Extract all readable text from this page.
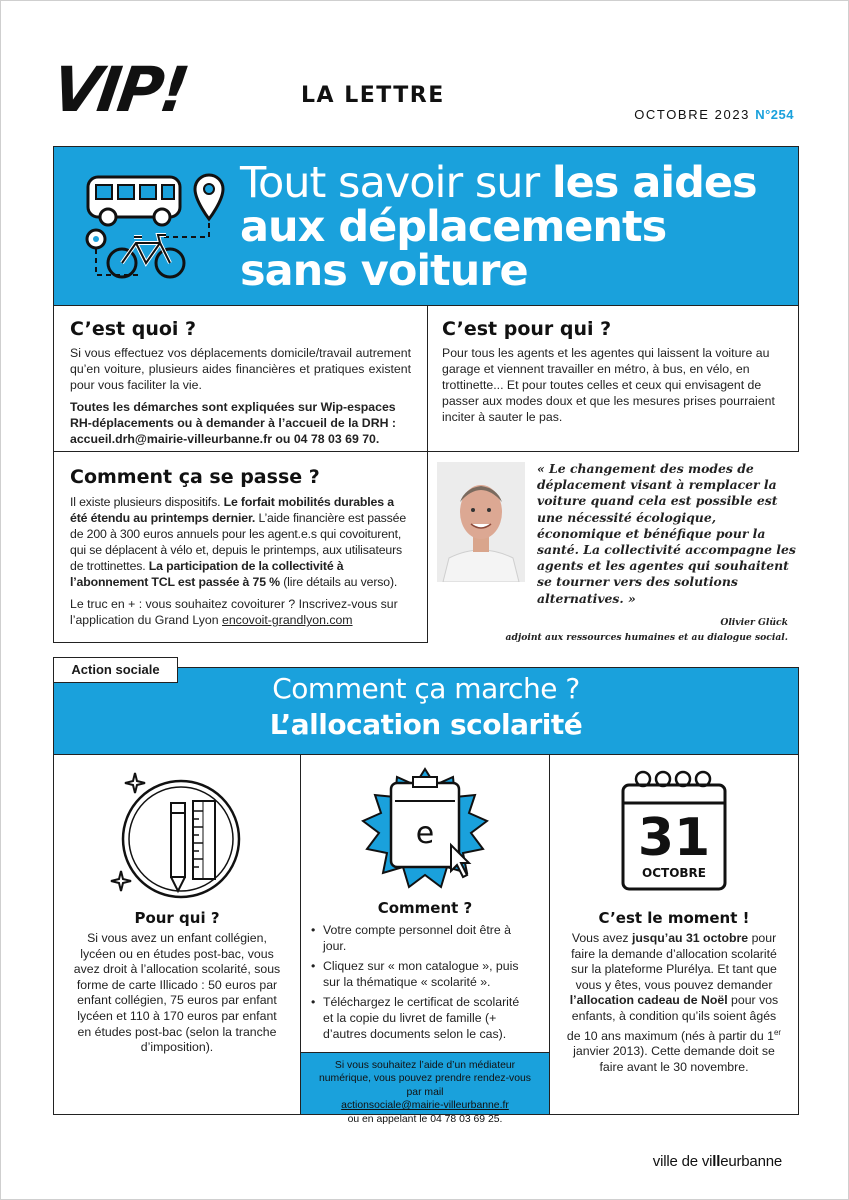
VIP!	LA LETTRE
OCTOBRE 2023 N°254
Tout savoir sur les aides
aux déplacements
sans voiture
C’est quoi ?

Si vous effectuez vos déplacements domicile/travail autrement qu’en voiture, plusieurs aides financières et pratiques existent pour vous faciliter la vie.

Toutes les démarches sont expliquées sur Wip-espaces RH-déplacements ou à demander à l’accueil de la DRH : accueil.drh@mairie-villeurbanne.fr ou 04 78 03 69 70.

C’est pour qui ?

Pour tous les agents et les agentes qui laissent la voiture au garage et viennent travailler en métro, à bus, en vélo, en trottinette... Et pour toutes celles et ceux qui envisagent de passer aux modes doux et que les mesures prises pourraient inciter à sauter le pas.

Comment ça se passe ?

Il existe plusieurs dispositifs. Le forfait mobilités durables a été étendu au printemps dernier. L’aide financière est passée de 200 à 300 euros annuels pour les agent.e.s qui covoiturent, qui se déplacent à vélo et, depuis le printemps, aux utilisateurs de trottinettes. La participation de la collectivité à l’abonnement TCL est passée à 75 % (lire détails au verso).

Le truc en + : vous souhaitez covoiturer ? Inscrivez-vous sur l’application du Grand Lyon encovoit-grandlyon.com

« Le changement des modes de déplacement visant à remplacer la voiture quand cela est possible est une nécessité écologique, économique et bénéfique pour la santé. La collectivité accompagne les agents et les agentes qui souhaitent se tourner vers des solutions alternatives. »
Olivier Glück
adjoint aux ressources humaines et au dialogue social.
Action sociale
Comment ça marche ?
L’allocation scolarité
Pour qui ?

Si vous avez un enfant collégien, lycéen ou en études post-bac, vous avez droit à l’allocation scolarité, sous forme de carte Illicado : 50 euros par enfant collégien, 75 euros par enfant lycéen et 110 à 170 euros par enfant en études post-bac (selon la tranche d’imposition).

e
Comment ?
• Votre compte personnel doit être à jour.
• Cliquez sur « mon catalogue », puis sur la thématique « scolarité ».
• Téléchargez le certificat de scolarité et la copie du livret de famille (+ d’autres documents selon le cas).
Si vous souhaitez l’aide d’un médiateur numérique, vous pouvez prendre rendez-vous par mail
actionsociale@mairie-villeurbanne.fr
ou en appelant le 04 78 03 69 25.
31
OCTOBRE
C’est le moment !

Vous avez jusqu’au 31 octobre pour faire la demande d’allocation scolarité sur la plateforme Plurélya. Et tant que vous y êtes, vous pouvez demander l’allocation cadeau de Noël pour vos enfants, à condition qu’ils soient âgés de 10 ans maximum (nés à partir du 1er janvier 2013). Cette demande doit se faire avant le 30 novembre.

ville de villeurbanne
